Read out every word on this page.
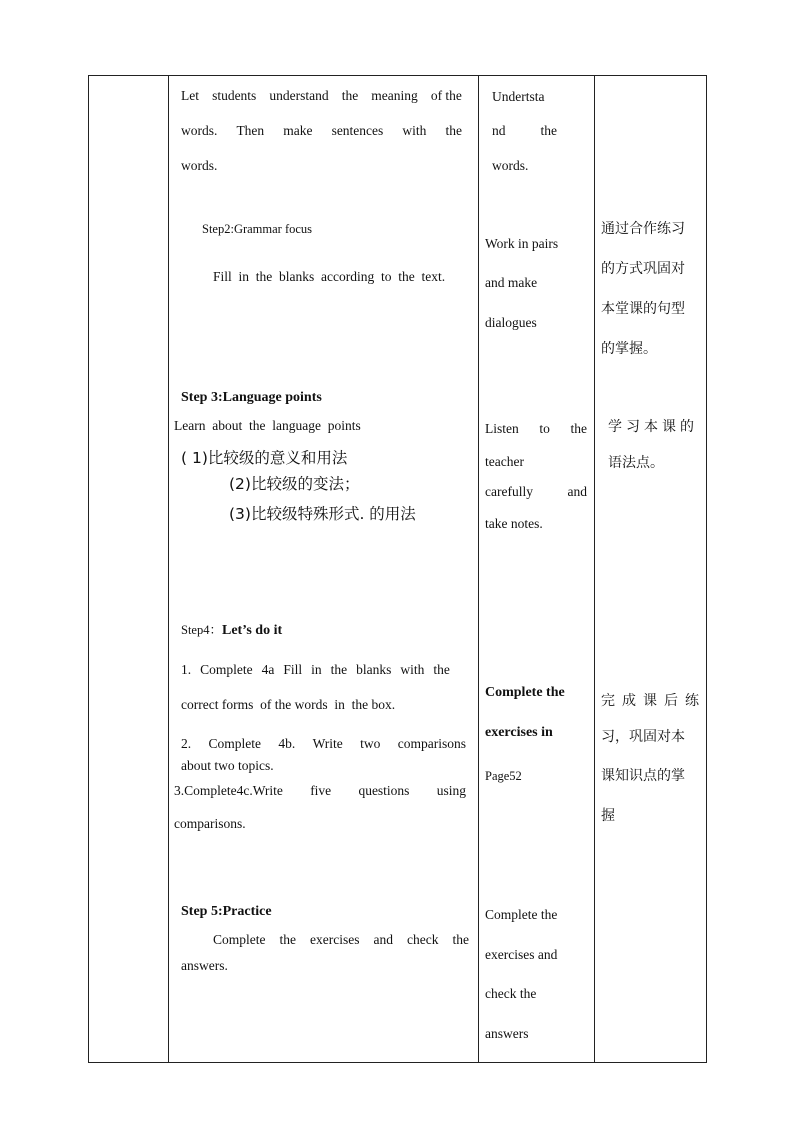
Let students understand the meaning of the
words. Then make sentences with the
words.
Step2:Grammar focus
Fill  in  the  blanks  according  to  the  text.
Step 3:Language points
Learn  about  the  language  points
( 1)比较级的意义和用法
(2)比较级的变法；
(3)比较级特殊形式. 的用法
Step4：Let’s do it
1. Complete 4a Fill in the blanks with the
correct forms  of the words  in  the box.
2. Complete 4b. Write two comparisons
about two topics.
3.Complete4c.Write five questions using
comparisons.
Step 5:Practice
Complete the exercises and check the
answers.
Undertsta
nd	the
words.
Work in pairs
and make
dialogues
Listen to the
teacher
carefully	and
take notes.
Complete the
exercises in
Page52
Complete the
exercises and
check the
answers
通过合作练习
的方式巩固对
本堂课的句型
的掌握。
学习本课的
语法点。
完 成 课 后 练
习，巩固对本
课知识点的掌
握
